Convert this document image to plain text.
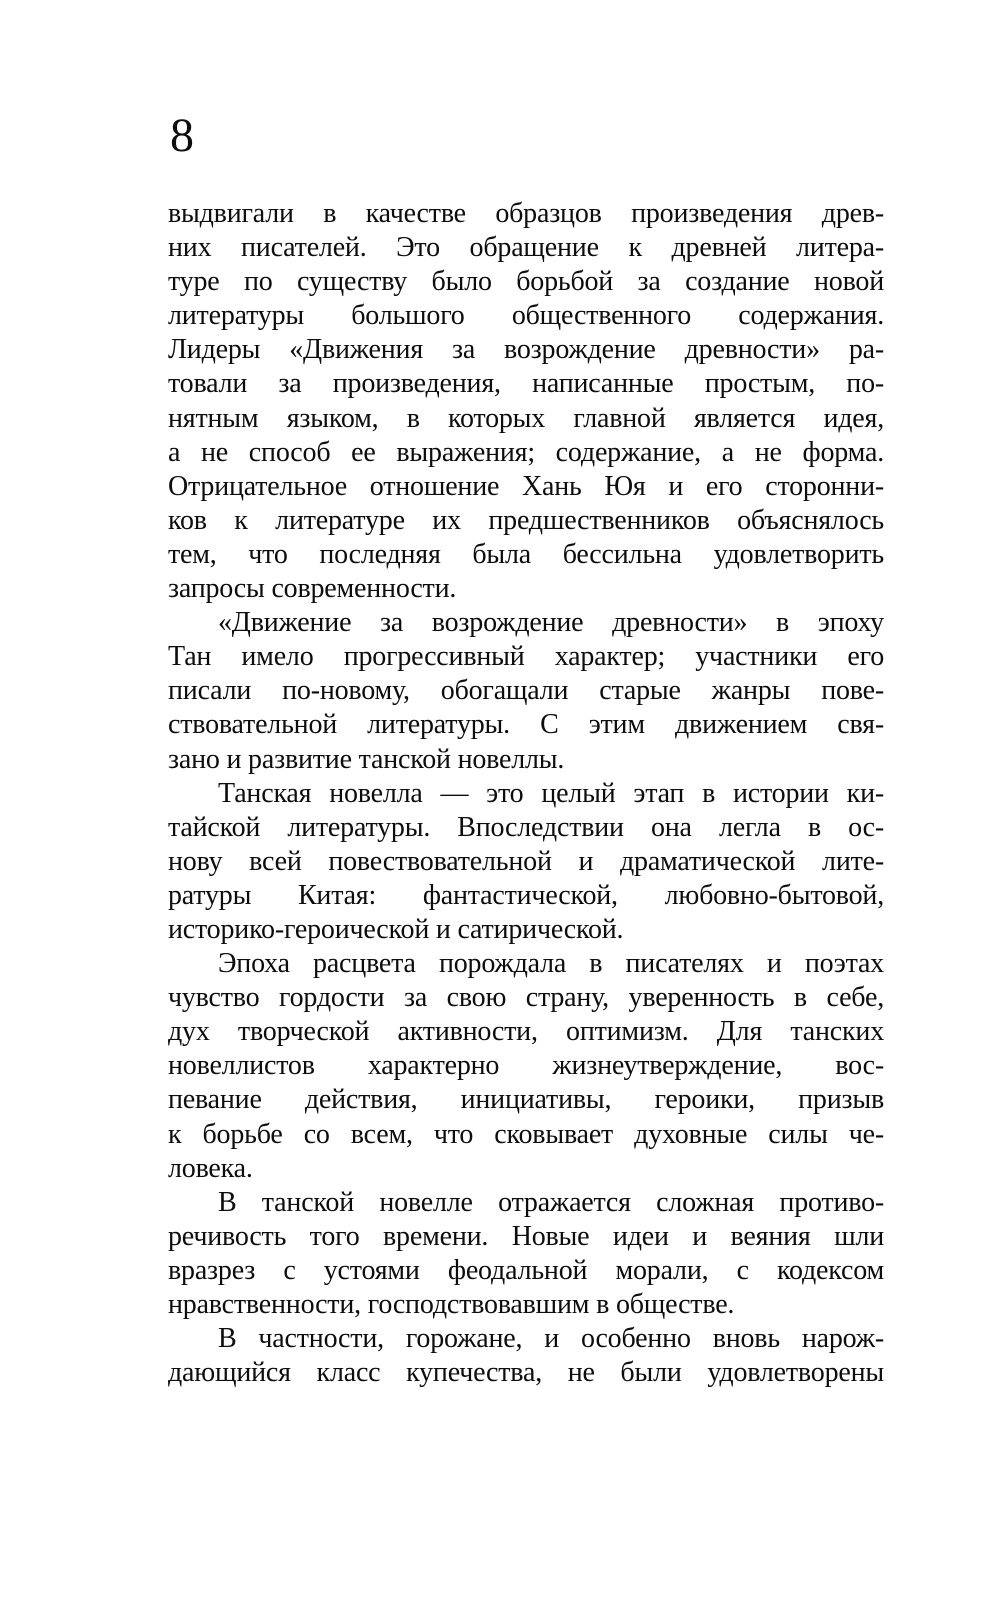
8
выдвигали в качестве образцов произведения древ-
них писателей. Это обращение к древней литера-
туре по существу было борьбой за создание новой
литературы большого общественного содержания.
Лидеры «Движения за возрождение древности» ра-
товали за произведения, написанные простым, по-
нятным языком, в которых главной является идея,
а не способ ее выражения; содержание, а не форма.
Отрицательное отношение Хань Юя и его сторонни-
ков к литературе их предшественников объяснялось
тем, что последняя была бессильна удовлетворить
запросы современности.
«Движение за возрождение древности» в эпоху
Тан имело прогрессивный характер; участники его
писали по-новому, обогащали старые жанры пове-
ствовательной литературы. С этим движением свя-
зано и развитие танской новеллы.
Танская новелла — это целый этап в истории ки-
тайской литературы. Впоследствии она легла в ос-
нову всей повествовательной и драматической лите-
ратуры Китая: фантастической, любовно-бытовой,
историко-героической и сатирической.
Эпоха расцвета порождала в писателях и поэтах
чувство гордости за свою страну, уверенность в себе,
дух творческой активности, оптимизм. Для танских
новеллистов характерно жизнеутверждение, вос-
певание действия, инициативы, героики, призыв
к борьбе со всем, что сковывает духовные силы че-
ловека.
В танской новелле отражается сложная противо-
речивость того времени. Новые идеи и веяния шли
вразрез с устоями феодальной морали, с кодексом
нравственности, господствовавшим в обществе.
В частности, горожане, и особенно вновь нарож-
дающийся класс купечества, не были удовлетворены
